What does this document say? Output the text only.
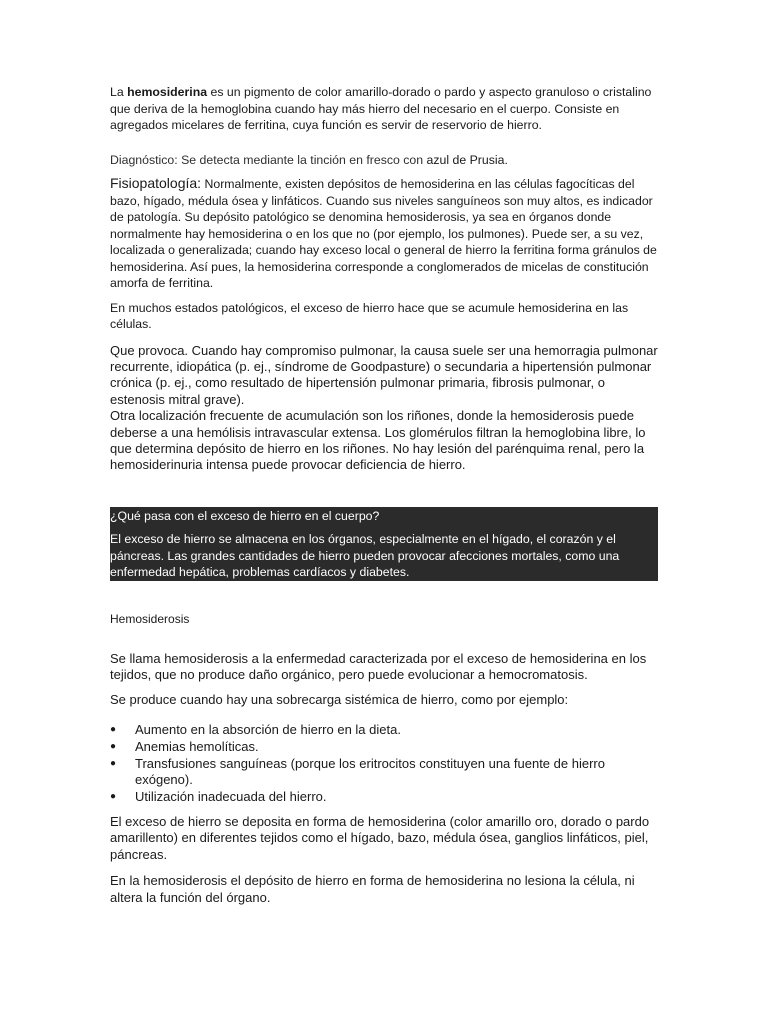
La hemosiderina es un pigmento de color amarillo-dorado o pardo y aspecto granuloso o cristalino que deriva de la hemoglobina cuando hay más hierro del necesario en el cuerpo. Consiste en agregados micelares de ferritina, cuya función es servir de reservorio de hierro.

Diagnóstico: Se detecta mediante la tinción en fresco con azul de Prusia.

Fisiopatología: Normalmente, existen depósitos de hemosiderina en las células fagocíticas del bazo, hígado, médula ósea y linfáticos. Cuando sus niveles sanguíneos son muy altos, es indicador de patología. Su depósito patológico se denomina hemosiderosis, ya sea en órganos donde normalmente hay hemosiderina o en los que no (por ejemplo, los pulmones). Puede ser, a su vez, localizada o generalizada; cuando hay exceso local o general de hierro la ferritina forma gránulos de hemosiderina. Así pues, la hemosiderina corresponde a conglomerados de micelas de constitución amorfa de ferritina.

En muchos estados patológicos, el exceso de hierro hace que se acumule hemosiderina en las células.

Que provoca. Cuando hay compromiso pulmonar, la causa suele ser una hemorragia pulmonar recurrente, idiopática (p. ej., síndrome de Goodpasture) o secundaria a hipertensión pulmonar crónica (p. ej., como resultado de hipertensión pulmonar primaria, fibrosis pulmonar, o estenosis mitral grave).

Otra localización frecuente de acumulación son los riñones, donde la hemosiderosis puede deberse a una hemólisis intravascular extensa. Los glomérulos filtran la hemoglobina libre, lo que determina depósito de hierro en los riñones. No hay lesión del parénquima renal, pero la hemosiderinuria intensa puede provocar deficiencia de hierro.

¿Qué pasa con el exceso de hierro en el cuerpo?

El exceso de hierro se almacena en los órganos, especialmente en el hígado, el corazón y el páncreas. Las grandes cantidades de hierro pueden provocar afecciones mortales, como una enfermedad hepática, problemas cardíacos y diabetes.

Hemosiderosis

Se llama hemosiderosis a la enfermedad caracterizada por el exceso de hemosiderina en los tejidos, que no produce daño orgánico, pero puede evolucionar a hemocromatosis.

Se produce cuando hay una sobrecarga sistémica de hierro, como por ejemplo:

● Aumento en la absorción de hierro en la dieta.
● Anemias hemolíticas.
● Transfusiones sanguíneas (porque los eritrocitos constituyen una fuente de hierro exógeno).
● Utilización inadecuada del hierro.

El exceso de hierro se deposita en forma de hemosiderina (color amarillo oro, dorado o pardo amarillento) en diferentes tejidos como el hígado, bazo, médula ósea, ganglios linfáticos, piel, páncreas.

En la hemosiderosis el depósito de hierro en forma de hemosiderina no lesiona la célula, ni altera la función del órgano.
